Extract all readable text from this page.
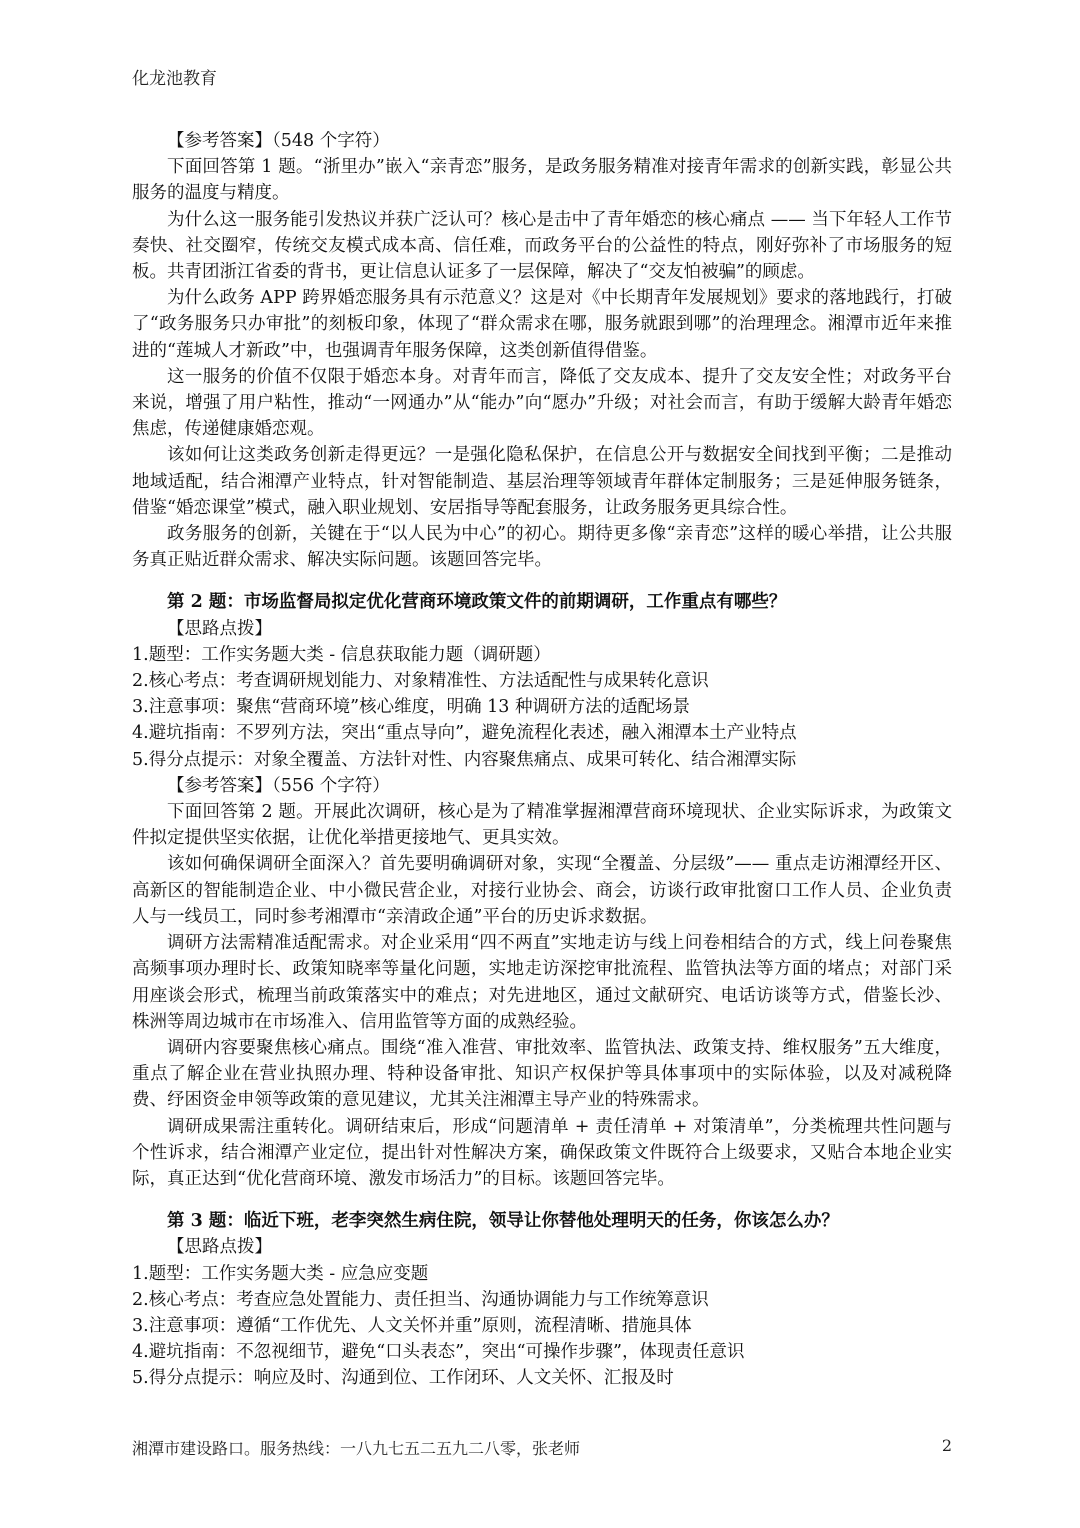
化龙池教育

【参考答案】（548 个字符）

下面回答第 1 题。“浙里办”嵌入“亲青恋”服务，是政务服务精准对接青年需求的创新实践，彰显公共服务的温度与精度。

为什么这一服务能引发热议并获广泛认可？核心是击中了青年婚恋的核心痛点 —— 当下年轻人工作节奏快、社交圈窄，传统交友模式成本高、信任难，而政务平台的公益性的特点，刚好弥补了市场服务的短板。共青团浙江省委的背书，更让信息认证多了一层保障，解决了“交友怕被骗”的顾虑。

为什么政务 APP 跨界婚恋服务具有示范意义？这是对《中长期青年发展规划》要求的落地践行，打破了“政务服务只办审批”的刻板印象，体现了“群众需求在哪，服务就跟到哪”的治理理念。湘潭市近年来推进的“莲城人才新政”中，也强调青年服务保障，这类创新值得借鉴。

这一服务的价值不仅限于婚恋本身。对青年而言，降低了交友成本、提升了交友安全性；对政务平台来说，增强了用户粘性，推动“一网通办”从“能办”向“愿办”升级；对社会而言，有助于缓解大龄青年婚恋焦虑，传递健康婚恋观。

该如何让这类政务创新走得更远？一是强化隐私保护，在信息公开与数据安全间找到平衡；二是推动地域适配，结合湘潭产业特点，针对智能制造、基层治理等领域青年群体定制服务；三是延伸服务链条，借鉴“婚恋课堂”模式，融入职业规划、安居指导等配套服务，让政务服务更具综合性。

政务服务的创新，关键在于“以人民为中心”的初心。期待更多像“亲青恋”这样的暖心举措，让公共服务真正贴近群众需求、解决实际问题。该题回答完毕。

第 2 题：市场监督局拟定优化营商环境政策文件的前期调研，工作重点有哪些？

【思路点拨】

1.题型：工作实务题大类 - 信息获取能力题（调研题）

2.核心考点：考查调研规划能力、对象精准性、方法适配性与成果转化意识

3.注意事项：聚焦“营商环境”核心维度，明确 13 种调研方法的适配场景

4.避坑指南：不罗列方法，突出“重点导向”，避免流程化表述，融入湘潭本土产业特点

5.得分点提示：对象全覆盖、方法针对性、内容聚焦痛点、成果可转化、结合湘潭实际

【参考答案】（556 个字符）

下面回答第 2 题。开展此次调研，核心是为了精准掌握湘潭营商环境现状、企业实际诉求，为政策文件拟定提供坚实依据，让优化举措更接地气、更具实效。

该如何确保调研全面深入？首先要明确调研对象，实现“全覆盖、分层级”—— 重点走访湘潭经开区、高新区的智能制造企业、中小微民营企业，对接行业协会、商会，访谈行政审批窗口工作人员、企业负责人与一线员工，同时参考湘潭市“亲清政企通”平台的历史诉求数据。

调研方法需精准适配需求。对企业采用“四不两直”实地走访与线上问卷相结合的方式，线上问卷聚焦高频事项办理时长、政策知晓率等量化问题，实地走访深挖审批流程、监管执法等方面的堵点；对部门采用座谈会形式，梳理当前政策落实中的难点；对先进地区，通过文献研究、电话访谈等方式，借鉴长沙、株洲等周边城市在市场准入、信用监管等方面的成熟经验。

调研内容要聚焦核心痛点。围绕“准入准营、审批效率、监管执法、政策支持、维权服务”五大维度，重点了解企业在营业执照办理、特种设备审批、知识产权保护等具体事项中的实际体验，以及对减税降费、纾困资金申领等政策的意见建议，尤其关注湘潭主导产业的特殊需求。

调研成果需注重转化。调研结束后，形成“问题清单 + 责任清单 + 对策清单”，分类梳理共性问题与个性诉求，结合湘潭产业定位，提出针对性解决方案，确保政策文件既符合上级要求，又贴合本地企业实际，真正达到“优化营商环境、激发市场活力”的目标。该题回答完毕。

第 3 题：临近下班，老李突然生病住院，领导让你替他处理明天的任务，你该怎么办？

【思路点拨】

1.题型：工作实务题大类 - 应急应变题

2.核心考点：考查应急处置能力、责任担当、沟通协调能力与工作统筹意识

3.注意事项：遵循“工作优先、人文关怀并重”原则，流程清晰、措施具体

4.避坑指南：不忽视细节，避免“口头表态”，突出“可操作步骤”，体现责任意识

5.得分点提示：响应及时、沟通到位、工作闭环、人文关怀、汇报及时

湘潭市建设路口。服务热线：一八九七五二五九二八零，张老师	2
